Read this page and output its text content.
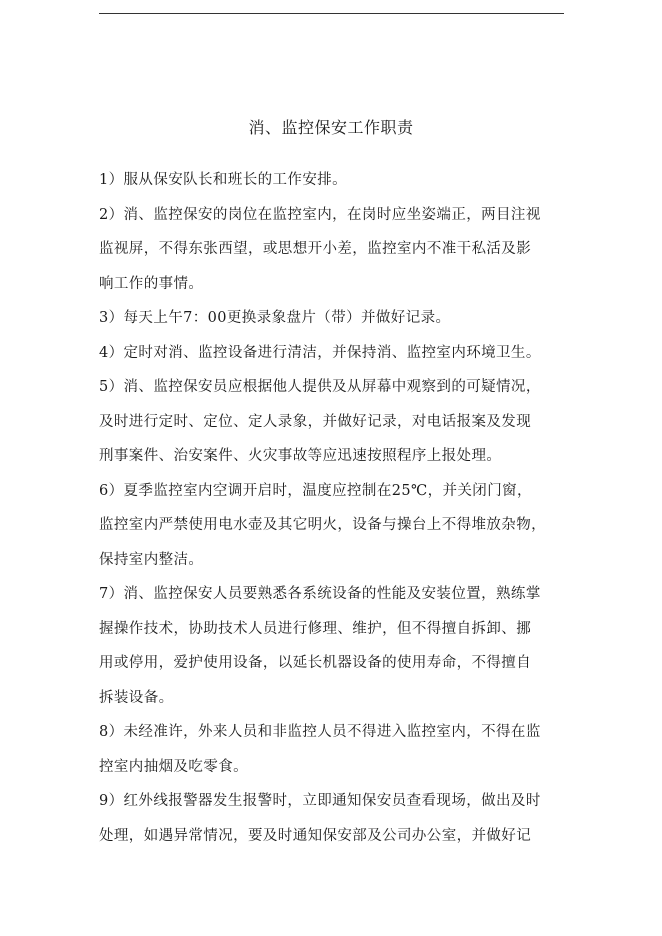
消、监控保安工作职责
1）服从保安队长和班长的工作安排。
2）消、监控保安的岗位在监控室内，在岗时应坐姿端正，两目注视
监视屏，不得东张西望，或思想开小差，监控室内不准干私活及影
响工作的事情。
3）每天上午7：00更换录象盘片（带）并做好记录。
4）定时对消、监控设备进行清洁，并保持消、监控室内环境卫生。
5）消、监控保安员应根据他人提供及从屏幕中观察到的可疑情况，
及时进行定时、定位、定人录象，并做好记录，对电话报案及发现
刑事案件、治安案件、火灾事故等应迅速按照程序上报处理。
6）夏季监控室内空调开启时，温度应控制在25℃，并关闭门窗，
监控室内严禁使用电水壶及其它明火，设备与操台上不得堆放杂物，
保持室内整洁。
7）消、监控保安人员要熟悉各系统设备的性能及安装位置，熟练掌
握操作技术，协助技术人员进行修理、维护，但不得擅自拆卸、挪
用或停用，爱护使用设备，以延长机器设备的使用寿命，不得擅自
拆装设备。
8）未经准许，外来人员和非监控人员不得进入监控室内，不得在监
控室内抽烟及吃零食。
9）红外线报警器发生报警时，立即通知保安员查看现场，做出及时
处理，如遇异常情况，要及时通知保安部及公司办公室，并做好记
